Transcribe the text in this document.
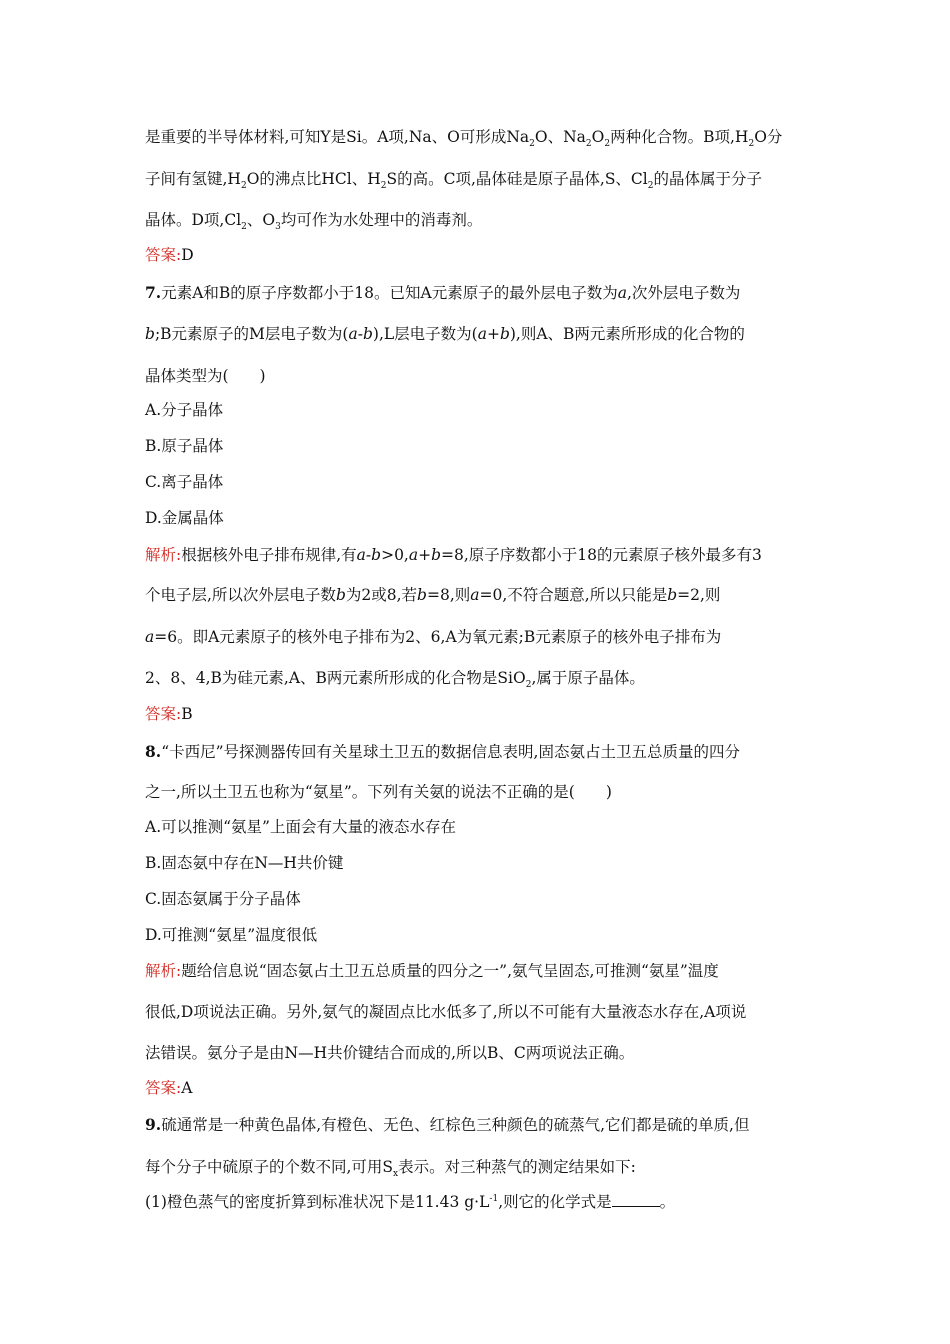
是重要的半导体材料,可知Y是Si。A项,Na、O可形成$Na_2O$、$Na_2O_2$两种化合物。B项$,H_2O$分
子间有氢键$,H_2O$的沸点比HCl、$H_2S$的高。C项,晶体硅是原子晶体,S、$Cl_2$的晶体属于分子
晶体。D项$,Cl_2$、$O_3$均可作为水处理中的消毒剂。
答案:D
7.元素A和B的原子序数都小于18。已知A元素原子的最外层电子数为a,次外层电子数为
b;B元素原子的M层电子数为(a-b),L层电子数为(a+b),则A、B两元素所形成的化合物的
晶体类型为(　　)
A.分子晶体
B.原子晶体
C.离子晶体
D.金属晶体
解析:根据核外电子排布规律,有a-b>0,a+b=8,原子序数都小于18的元素原子核外最多有3
个电子层,所以次外层电子数b为2或8,若b=8,则a=0,不符合题意,所以只能是b=2,则
a=6。即A元素原子的核外电子排布为2、6,A为氧元素;B元素原子的核外电子排布为
2、8、4,B为硅元素,A、B两元素所形成的化合物是SiO$_2$,属于原子晶体。
答案:B
8.“卡西尼”号探测器传回有关星球土卫五的数据信息表明,固态氨占土卫五总质量的四分
之一,所以土卫五也称为“氨星”。下列有关氨的说法不正确的是(　　)
A.可以推测“氨星”上面会有大量的液态水存在
B.固态氨中存在N—H共价键
C.固态氨属于分子晶体
D.可推测“氨星”温度很低
解析:题给信息说“固态氨占土卫五总质量的四分之一”,氨气呈固态,可推测“氨星”温度
很低,D项说法正确。另外,氨气的凝固点比水低多了,所以不可能有大量液态水存在,A项说
法错误。氨分子是由N—H共价键结合而成的,所以B、C两项说法正确。
答案:A
9.硫通常是一种黄色晶体,有橙色、无色、红棕色三种颜色的硫蒸气,它们都是硫的单质,但
每个分子中硫原子的个数不同,可用$S_x$表示。对三种蒸气的测定结果如下:
(1)橙色蒸气的密度折算到标准状况下是11.43 $g\cdot L^{-1}$,则它的化学式是	。
